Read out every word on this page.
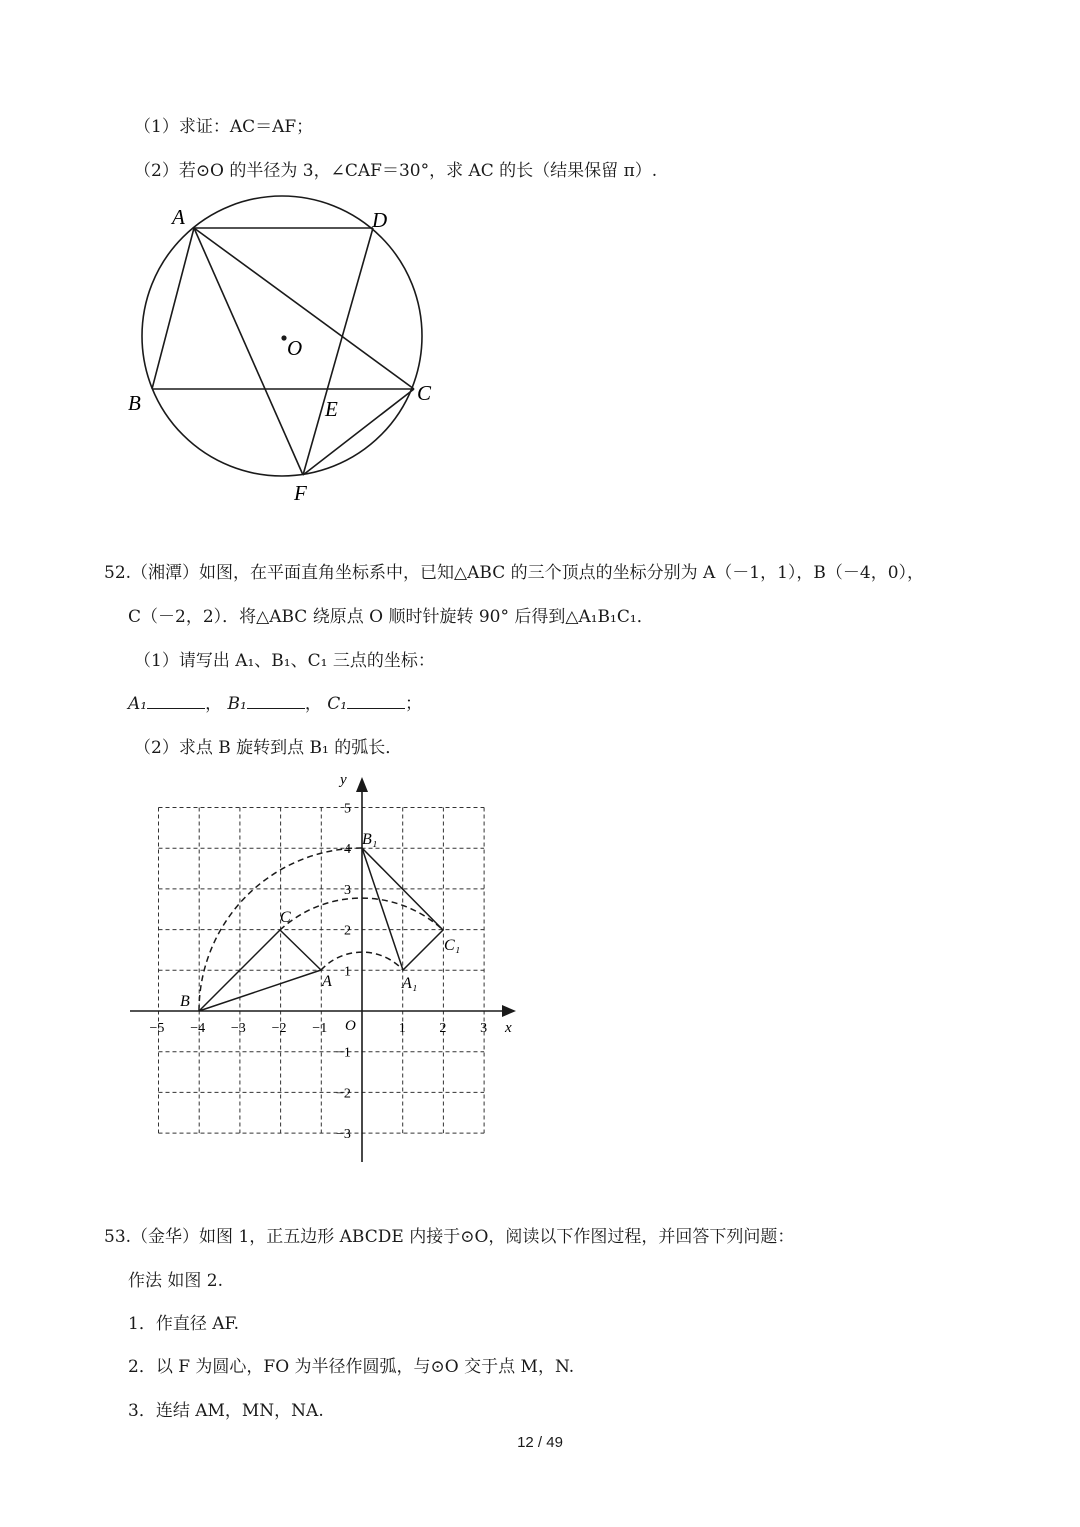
（1）求证：AC＝AF；
（2）若⊙O 的半径为 3，∠CAF＝30°，求 AC 的长（结果保留 π）.
A	D
O
B	C
E
F
52.（湘潭）如图，在平面直角坐标系中，已知△ABC 的三个顶点的坐标分别为 A（－1，1），B（－4，0），
C（－2，2）．将△ABC 绕原点 O 顺时针旋转 90° 后得到△A₁B₁C₁．
（1）请写出 A₁、B₁、C₁ 三点的坐标：
A₁	， B₁	， C₁	；
（2）求点 B 旋转到点 B₁ 的弧长．
−5 −4 −3 −2 −1	1 2 3
5
4
3
2
1
−1
−2
−3
x
y
O
A
B
C
A₁
B₁
C₁
53.（金华）如图 1，正五边形 ABCDE 内接于⊙O，阅读以下作图过程，并回答下列问题：
作法 如图 2.
1．作直径 AF.
2．以 F 为圆心，FO 为半径作圆弧，与⊙O 交于点 M，N.
3．连结 AM，MN，NA.
12 / 49
